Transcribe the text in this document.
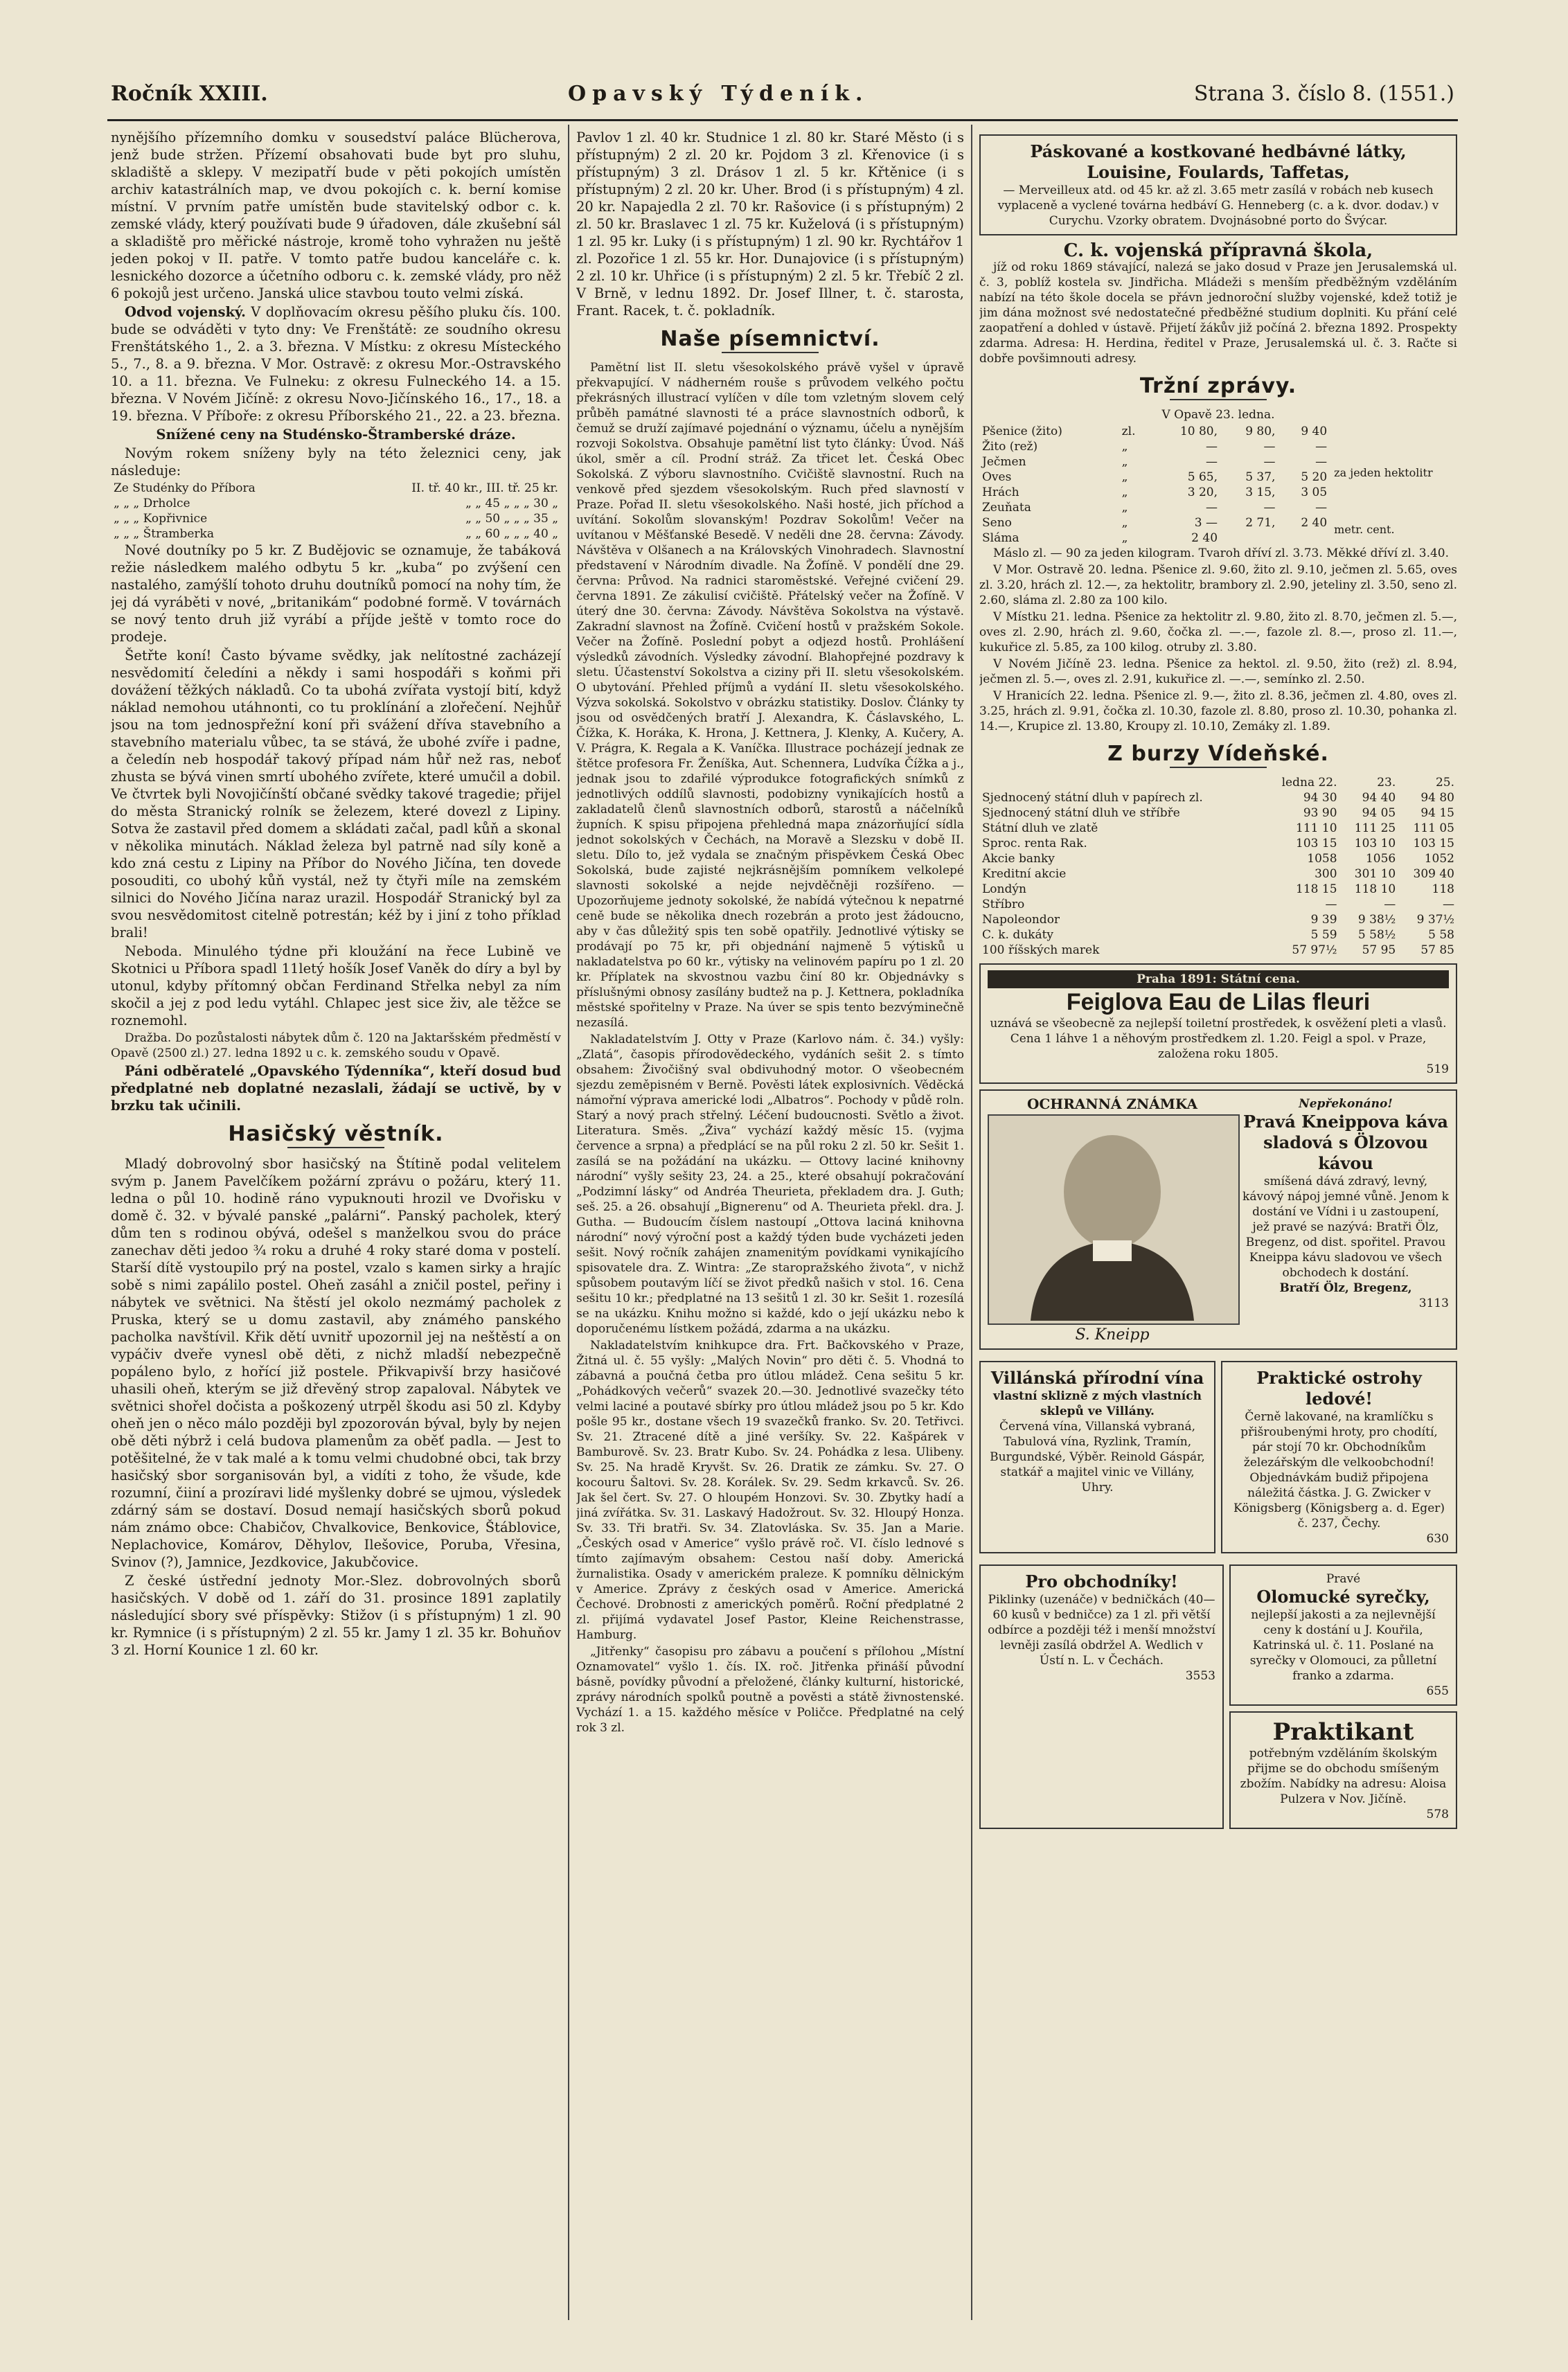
Ročník XXIII.	Opavský Týdeník.	Strana 3. číslo 8. (1551.)

nynějšího přízemního domku v sousedství paláce Blücherova, jenž bude stržen. Přízemí obsahovati bude byt pro sluhu, skladiště a sklepy. V mezipatří bude v pěti pokojích umístěn archiv katastrálních map, ve dvou pokojích c. k. berní komise místní. V prvním patře umístěn bude stavitelský odbor c. k. zemské vlády, který používati bude 9 úřadoven, dále zkušební sál a skladiště pro měřické nástroje, kromě toho vyhražen nu ještě jeden pokoj v II. patře. V tomto patře budou kanceláře c. k. lesnického dozorce a účetního odboru c. k. zemské vlády, pro něž 6 pokojů jest určeno. Janská ulice stavbou touto velmi získá.

Odvod vojenský. V doplňovacím okresu pěšího pluku čís. 100. bude se odváděti v tyto dny: Ve Frenštátě: ze soudního okresu Frenštátského 1., 2. a 3. března. V Místku: z okresu Místeckého 5., 7., 8. a 9. března. V Mor. Ostravě: z okresu Mor.-Ostravského 10. a 11. března. Ve Fulneku: z okresu Fulneckého 14. a 15. března. V Novém Jičíně: z okresu Novo-Jičínského 16., 17., 18. a 19. března. V Příboře: z okresu Příborského 21., 22. a 23. března.

Snížené ceny na Studénsko-Štramberské dráze.

Novým rokem sníženy byly na této železnici ceny, jak následuje:

Ze Studénky do Příbora	II. tř. 40 kr., III. tř. 25 kr.
„ „ „ Drholce	„ „ 45 „ „ „ 30 „
„ „ „ Kopřivnice	„ „ 50 „ „ „ 35 „
„ „ „ Štramberka	„ „ 60 „ „ „ 40 „

Nové doutníky po 5 kr. Z Budějovic se oznamuje, že tabáková režie následkem malého odbytu 5 kr. „kuba“ po zvýšení cen nastalého, zamýšlí tohoto druhu doutníků pomocí na nohy tím, že jej dá vyráběti v nové, „britanikám“ podobné formě. V továrnách se nový tento druh již vyrábí a příjde ještě v tomto roce do prodeje.

Šetřte koní! Často bývame svědky, jak nelítostné zacházejí nesvědomití čeledíni a někdy i sami hospodáři s koňmi při dovážení těžkých nákladů. Co ta ubohá zvířata vystojí bití, když náklad nemohou utáhnonti, co tu proklínání a zlořečení. Nejhůř jsou na tom jednospřežní koní při svážení dříva stavebního a stavebního materialu vůbec, ta se stává, že ubohé zvíře i padne, a čeledín neb hospodář takový případ nám hůř než ras, neboť zhusta se bývá vinen smrtí ubohého zvířete, které umučil a dobil. Ve čtvrtek byli Novojičínští občané svědky takové tragedie; přijel do města Stranický rolník se železem, které dovezl z Lipiny. Sotva že zastavil před domem a skládati začal, padl kůň a skonal v několika minutách. Náklad železa byl patrně nad síly koně a kdo zná cestu z Lipiny na Příbor do Nového Jičína, ten dovede posouditi, co ubohý kůň vystál, než ty čtyři míle na zemském silnici do Nového Jičína naraz urazil. Hospodář Stranický byl za svou nesvědomitost citelně potrestán; kéž by i jiní z toho příklad brali!

Neboda. Minulého týdne při kloužání na řece Lubině ve Skotnici u Příbora spadl 11letý hošík Josef Vaněk do díry a byl by utonul, kdyby přítomný občan Ferdinand Střelka nebyl za ním skočil a jej z pod ledu vytáhl. Chlapec jest sice živ, ale těžce se roznemohl.

Dražba. Do pozůstalosti nábytek dům č. 120 na Jaktaršském předměstí v Opavě (2500 zl.) 27. ledna 1892 u c. k. zemského soudu v Opavě.

Páni odběratelé „Opavského Týdenníka“, kteří dosud bud předplatné neb doplatné nezaslali, žádají se uctivě, by v brzku tak učinili.

Hasičský věstník.

Mladý dobrovolný sbor hasičský na Štítině podal velitelem svým p. Janem Pavelčíkem požární zprávu o požáru, který 11. ledna o půl 10. hodině ráno vypuknouti hrozil ve Dvořisku v domě č. 32. v bývalé panské „palárni“. Panský pacholek, který dům ten s rodinou obývá, odešel s manželkou svou do práce zanechav děti jedoo ¾ roku a druhé 4 roky staré doma v postelí. Starší dítě vystoupilo prý na postel, vzalo s kamen sirky a hrajíc sobě s nimi zapálilo postel. Oheň zasáhl a zničil postel, peřiny i nábytek ve světnici. Na štěstí jel okolo nezmámý pacholek z Pruska, který se u domu zastavil, aby známého panského pacholka navštívil. Křik dětí uvnitř upozornil jej na neštěstí a on vypáčiv dveře vynesl obě děti, z nichž mladší nebezpečně popáleno bylo, z hořící již postele. Přikvapivší brzy hasičové uhasili oheň, kterým se již dřevěný strop zapaloval. Nábytek ve světnici shořel dočista a poškozený utrpěl škodu asi 50 zl. Kdyby oheň jen o něco málo později byl zpozorován býval, byly by nejen obě děti nýbrž i celá budova plamenům za oběť padla. — Jest to potěšitelné, že v tak malé a k tomu velmi chudobné obci, tak brzy hasičský sbor sorganisován byl, a vidíti z toho, že všude, kde rozumní, čiiní a prozíravi lidé myšlenky dobré se ujmou, výsledek zdárný sám se dostaví. Dosud nemají hasičských sborů pokud nám známo obce: Chabičov, Chvalkovice, Benkovice, Štáblovice, Neplachovice, Komárov, Děhylov, Ilešovice, Poruba, Vřesina, Svinov (?), Jamnice, Jezdkovice, Jakubčovice.

Z české ústřední jednoty Mor.-Slez. dobrovolných sborů hasičských. V době od 1. září do 31. prosince 1891 zaplatily následující sbory své příspěvky: Stižov (i s přístupným) 1 zl. 90 kr. Rymnice (i s přístupným) 2 zl. 55 kr. Jamy 1 zl. 35 kr. Bohuňov 3 zl. Horní Kounice 1 zl. 60 kr.

Pavlov 1 zl. 40 kr. Studnice 1 zl. 80 kr. Staré Město (i s přístupným) 2 zl. 20 kr. Pojdom 3 zl. Křenovice (i s přístupným) 3 zl. Drásov 1 zl. 5 kr. Křtěnice (i s přístupným) 2 zl. 20 kr. Uher. Brod (i s přístupným) 4 zl. 20 kr. Napajedla 2 zl. 70 kr. Rašovice (i s přístupným) 2 zl. 50 kr. Braslavec 1 zl. 75 kr. Kuželová (i s přístupným) 1 zl. 95 kr. Luky (i s přístupným) 1 zl. 90 kr. Rychtářov 1 zl. Pozořice 1 zl. 55 kr. Hor. Dunajovice (i s přístupným) 2 zl. 10 kr. Uhřice (i s přístupným) 2 zl. 5 kr. Třebíč 2 zl. V Brně, v lednu 1892. Dr. Josef Illner, t. č. starosta, Frant. Racek, t. č. pokladník.

Naše písemnictví.

Pamětní list II. sletu všesokolského právě vyšel v úpravě překvapující. V nádherném rouše s průvodem velkého počtu překrásných illustrací vylíčen v díle tom vzletným slovem celý průběh památné slavnosti té a práce slavnostních odborů, k čemuž se druží zajímavé pojednání o významu, účelu a nynějším rozvoji Sokolstva. Obsahuje pamětní list tyto články: Úvod. Náš úkol, směr a cíl. Prodní stráž. Za třicet let. Česká Obec Sokolská. Z výboru slavnostního. Cvičiště slavnostní. Ruch na venkově před sjezdem všesokolským. Ruch před slavností v Praze. Pořad II. sletu všesokolského. Naši hosté, jich příchod a uvítání. Sokolům slovanským! Pozdrav Sokolům! Večer na uvítanou v Měšťanské Besedě. V neděli dne 28. června: Závody. Návštěva v Olšanech a na Královských Vinohradech. Slavnostní představení v Národním divadle. Na Žofíně. V pondělí dne 29. června: Průvod. Na radnici staroměstské. Veřejné cvičení 29. června 1891. Ze zákulisí cvičiště. Přátelský večer na Žofíně. V úterý dne 30. června: Závody. Návštěva Sokolstva na výstavě. Zakradní slavnost na Žofíně. Cvičení hostů v pražském Sokole. Večer na Žofíně. Poslední pobyt a odjezd hostů. Prohlášení výsledků závodních. Výsledky závodní. Blahopřejné pozdravy k sletu. Účastenství Sokolstva a ciziny při II. sletu všesokolském. O ubytování. Přehled příjmů a vydání II. sletu všesokolského. Výzva sokolská. Sokolstvo v obrázku statistiky. Doslov. Články ty jsou od osvědčených bratří J. Alexandra, K. Čáslavského, L. Čížka, K. Horáka, K. Hrona, J. Kettnera, J. Klenky, A. Kučery, A. V. Prágra, K. Regala a K. Vaníčka. Illustrace pocházejí jednak ze štětce profesora Fr. Ženíška, Aut. Schennera, Ludvíka Čížka a j., jednak jsou to zdařilé výprodukce fotografických snímků z jednotlivých oddílů slavnosti, podobizny vynikajících hostů a zakladatelů členů slavnostních odborů, starostů a náčelníků župních. K spisu připojena přehledná mapa znázorňující sídla jednot sokolských v Čechách, na Moravě a Slezsku v době II. sletu. Dílo to, jež vydala se značným přispěvkem Česká Obec Sokolská, bude zajisté nejkrásnějším pomníkem velkolepé slavnosti sokolské a nejde nejvděčněji rozšířeno. — Upozorňujeme jednoty sokolské, že nabídá výtečnou k nepatrné ceně bude se několika dnech rozebrán a proto jest žádoucno, aby v čas důležitý spis ten sobě opatřily. Jednotlivé výtisky se prodávají po 75 kr, při objednání najmeně 5 výtisků u nakladatelstva po 60 kr., výtisky na velinovém papíru po 1 zl. 20 kr. Příplatek na skvostnou vazbu činí 80 kr. Objednávky s příslušnými obnosy zasílány budtež na p. J. Kettnera, pokladníka městské spořitelny v Praze. Na úver se spis tento bezvýminečně nezasílá.

Nakladatelstvím J. Otty v Praze (Karlovo nám. č. 34.) vyšly: „Zlatá“, časopis přírodovědeckého, vydáních sešit 2. s tímto obsahem: Živočišný sval obdivuhodný motor. O všeobecném sjezdu zeměpisném v Berně. Pověsti látek explosivních. Věděcká námořní výprava americké lodi „Albatros“. Pochody v půdě roln. Starý a nový prach střelný. Léčení budoucnosti. Světlo a život. Literatura. Směs. „Živa“ vychází každý měsíc 15. (vyjma července a srpna) a předplácí se na půl roku 2 zl. 50 kr. Sešit 1. zasílá se na požádání na ukázku. — Ottovy laciné knihovny národní“ vyšly sešity 23, 24. a 25., které obsahují pokračování „Podzimní lásky“ od Andréa Theurieta, překladem dra. J. Guth; seš. 25. a 26. obsahují „Bignerenu“ od A. Theurieta překl. dra. J. Gutha. — Budoucím číslem nastoupí „Ottova laciná knihovna národní“ nový výroční post a každý týden bude vycházeti jeden sešit. Nový ročník zahájen znamenitým povídkami vynikajícího spisovatele dra. Z. Wintra: „Ze staropražského života“, v nichž spůsobem poutavým líčí se život předků našich v stol. 16. Cena sešitu 10 kr.; předplatné na 13 sešitů 1 zl. 30 kr. Sešit 1. rozesílá se na ukázku. Knihu možno si každé, kdo o její ukázku nebo k doporučenému lístkem požádá, zdarma a na ukázku.

Nakladatelstvím knihkupce dra. Frt. Bačkovského v Praze, Žitná ul. č. 55 vyšly: „Malých Novin“ pro děti č. 5. Vhodná to zábavná a poučná četba pro útlou mládež. Cena sešitu 5 kr. „Pohádkových večerů“ svazek 20.—30. Jednotlivé svazečky této velmi laciné a poutavé sbírky pro útlou mládež jsou po 5 kr. Kdo pošle 95 kr., dostane všech 19 svazečků franko. Sv. 20. Tetřivci. Sv. 21. Ztracené dítě a jiné veršíky. Sv. 22. Kašpárek v Bamburově. Sv. 23. Bratr Kubo. Sv. 24. Pohádka z lesa. Ulibeny. Sv. 25. Na hradě Kryvšt. Sv. 26. Dratik ze zámku. Sv. 27. O kocouru Šaltovi. Sv. 28. Korálek. Sv. 29. Sedm krkavců. Sv. 26. Jak šel čert. Sv. 27. O hloupém Honzovi. Sv. 30. Zbytky hadí a jiná zvířátka. Sv. 31. Laskavý Hadožrout. Sv. 32. Hloupý Honza. Sv. 33. Tři bratři. Sv. 34. Zlatovláska. Sv. 35. Jan a Marie. „Českých osad v Americe“ vyšlo právě roč. VI. číslo lednové s tímto zajímavým obsahem: Cestou naší doby. Americká žurnalistika. Osady v americkém praleze. K pomníku dělnickým v Americe. Zprávy z českých osad v Americe. Americká Čechové. Drobnosti z amerických poměrů. Roční předplatné 2 zl. přijímá vydavatel Josef Pastor, Kleine Reichenstrasse, Hamburg.

„Jitřenky“ časopisu pro zábavu a poučení s přílohou „Místní Oznamovatel“ vyšlo 1. čís. IX. roč. Jitřenka přináší původní básně, povídky původní a přeložené, články kulturní, historické, zprávy národních spolků poutně a pověsti a státě živnostenské. Vychází 1. a 15. každého měsíce v Poličce. Předplatné na celý rok 3 zl.

Páskované a kostkované hedbávné látky, Louisine, Foulards, Taffetas,
— Merveilleux atd. od 45 kr. až zl. 3.65 metr zasílá v robách neb kusech vyplaceně a vyclené továrna hedbáví G. Henneberg (c. a k. dvor. dodav.) v Curychu. Vzorky obratem. Dvojnásobné porto do Švýcar.
C. k. vojenská přípravná škola,

jíž od roku 1869 stávající, nalezá se jako dosud v Praze jen Jerusalemská ul. č. 3, poblíž kostela sv. Jindřicha. Mládeži s menším předběžným vzděláním nabízí na této škole docela se přávn jednoroční služby vojenské, kdež totiž je jim dána možnost své nedostatečné předběžné studium doplniti. Ku přání celé zaopatření a dohled v ústavě. Přijetí žákův již počíná 2. března 1892. Prospekty zdarma. Adresa: H. Herdina, ředitel v Praze, Jerusalemská ul. č. 3. Račte si dobře povšimnouti adresy.

Tržní zprávy.

V Opavě 23. ledna.

Pšenice (žito)	zl.	10 80,	9 80,	9 40
Žito (rež)	„	—	—	—
Ječmen	„	—	—	—
Oves	„	5 65,	5 37,	5 20
Hrách	„	3 20,	3 15,	3 05
Zeuňata	„	—	—	—
Seno	„	3 —	2 71,	2 40
Sláma	„	2 40		
za jeden hektolitr
metr. cent.

Máslo zl. — 90 za jeden kilogram. Tvaroh dříví zl. 3.73. Měkké dříví zl. 3.40.

V Mor. Ostravě 20. ledna. Pšenice zl. 9.60, žito zl. 9.10, ječmen zl. 5.65, oves zl. 3.20, hrách zl. 12.—, za hektolitr, brambory zl. 2.90, jeteliny zl. 3.50, seno zl. 2.60, sláma zl. 2.80 za 100 kilo.

V Místku 21. ledna. Pšenice za hektolitr zl. 9.80, žito zl. 8.70, ječmen zl. 5.—, oves zl. 2.90, hrách zl. 9.60, čočka zl. —.—, fazole zl. 8.—, proso zl. 11.—, kukuřice zl. 5.85, za 100 kilog. otruby zl. 3.80.

V Novém Jičíně 23. ledna. Pšenice za hektol. zl. 9.50, žito (rež) zl. 8.94, ječmen zl. 5.—, oves zl. 2.91, kukuřice zl. —.—, semínko zl. 2.50.

V Hranicích 22. ledna. Pšenice zl. 9.—, žito zl. 8.36, ječmen zl. 4.80, oves zl. 3.25, hrách zl. 9.91, čočka zl. 10.30, fazole zl. 8.80, proso zl. 10.30, pohanka zl. 14.—, Krupice zl. 13.80, Kroupy zl. 10.10, Zemáky zl. 1.89.

Z burzy Vídeňské.
	ledna 22.	23.	25.
Sjednocený státní dluh v papírech zl.	94 30	94 40	94 80
Sjednocený státní dluh ve stříbře	93 90	94 05	94 15
Státní dluh ve zlatě	111 10	111 25	111 05
Sproc. renta Rak.	103 15	103 10	103 15
Akcie banky	1058	1056	1052
Kreditní akcie	300	301 10	309 40
Londýn	118 15	118 10	118
Stříbro	—	—	—
Napoleondor	9 39	9 38½	9 37½
C. k. dukáty	5 59	5 58½	5 58
100 říšských marek	57 97½	57 95	57 85
Praha 1891: Státní cena.
Feiglova Eau de Lilas fleuri
uznává se všeobecně za nejlepší toiletní prostředek, k osvěžení pleti a vlasů. Cena 1 láhve 1 a něhovým prostředkem zl. 1.20. Feigl a spol. v Praze, založena roku 1805.
519
OCHRANNÁ ZNÁMKA
S. Kneipp
Nepřekonáno!
Pravá Kneippova káva sladová s Ölzovou kávou
smíšená dává zdravý, levný, kávový nápoj jemné vůně. Jenom k dostání ve Vídni i u zastoupení, jež pravé se nazývá: Bratři Ölz, Bregenz, od dist. spořitel. Pravou Kneippa kávu sladovou ve všech obchodech k dostání.
Bratří Ölz, Bregenz,
3113
Villánská přírodní vína
vlastní sklizně z mých vlastních sklepů ve Villány.
Červená vína, Villanská vybraná, Tabulová vína, Ryzlink, Tramín, Burgundské, Výběr. Reinold Gáspár, statkář a majitel vinic ve Villány, Uhry.
Praktické ostrohy ledové!
Černě lakované, na kramlíčku s přišroubenými hroty, pro chodítí, pár stojí 70 kr. Obchodníkům železářským dle velkoobchodní! Objednávkám budiž připojena náležitá částka. J. G. Zwicker v Königsberg (Königsberg a. d. Eger) č. 237, Čechy.
630
Pro obchodníky!
Piklinky (uzenáče) v bedničkách (40—60 kusů v bedničce) za 1 zl. při větší odbírce a později též i menší množství levněji zasílá obdržel A. Wedlich v Ústí n. L. v Čechách.
3553
Pravé
Olomucké syrečky,
nejlepší jakosti a za nejlevnější ceny k dostání u J. Kouřila, Katrinská ul. č. 11. Poslané na syrečky v Olomouci, za půlletní franko a zdarma.
655
Praktikant
potřebným vzděláním školským přijme se do obchodu smíšeným zbožím. Nabídky na adresu: Aloisa Pulzera v Nov. Jičíně.
578
